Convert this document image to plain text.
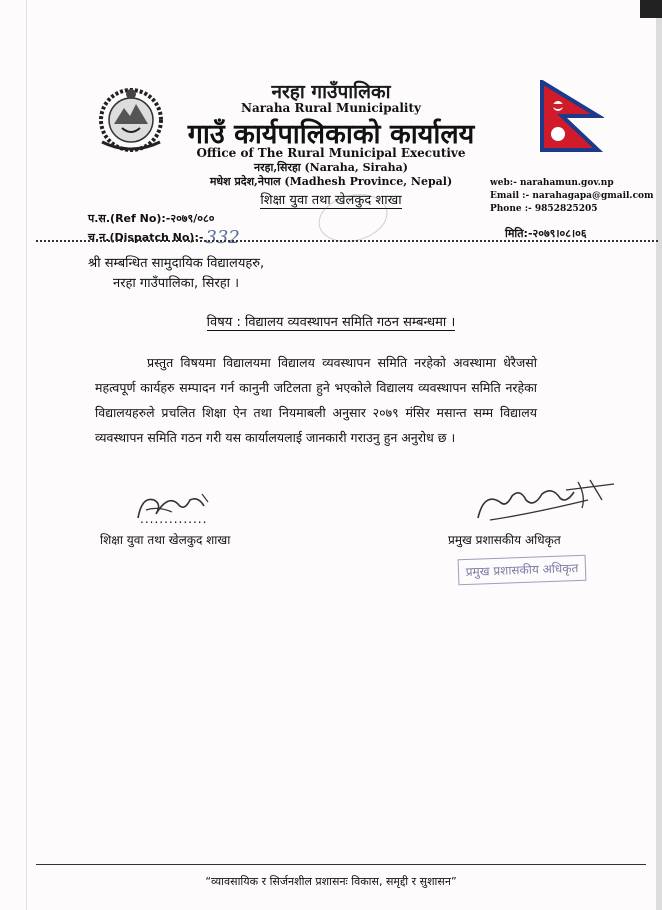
नरहा गाउँपालिका
Naraha Rural Municipality
गाउँ कार्यपालिकाको कार्यालय
Office of The Rural Municipal Executive
नरहा,सिरहा (Naraha, Siraha)
मधेश प्रदेश,नेपाल (Madhesh Province, Nepal)
शिक्षा युवा तथा खेलकुद शाखा
web:- narahamun.gov.np
Email :- narahagapa@gmail.com
Phone :- 9852825205
प.स.(Ref No):-२०७९/०८०
च.न.(Dispatch No):- 332	मिति:-२०७९।०८।०६
श्री सम्बन्धित सामुदायिक विद्यालयहरु,
नरहा गाउँपालिका, सिरहा ।
विषय : विद्यालय व्यवस्थापन समिति गठन सम्बन्धमा ।
प्रस्तुत विषयमा विद्यालयमा विद्यालय व्यवस्थापन समिति नरहेको अवस्थामा धेरैजसो महत्वपूर्ण कार्यहरु सम्पादन गर्न कानुनी जटिलता हुने भएकोले विद्यालय व्यवस्थापन समिति नरहेका विद्यालयहरुले प्रचलित शिक्षा ऐन तथा नियमाबली अनुसार २०७९ मंसिर मसान्त सम्म विद्यालय व्यवस्थापन समिति गठन गरी यस कार्यालयलाई जानकारी गराउनु हुन अनुरोध छ ।
..............
शिक्षा युवा तथा खेलकुद शाखा	प्रमुख प्रशासकीय अधिकृत
प्रमुख प्रशासकीय अधिकृत
“व्यावसायिक र सिर्जनशील प्रशासनः विकास, समृद्दी र सुशासन”
